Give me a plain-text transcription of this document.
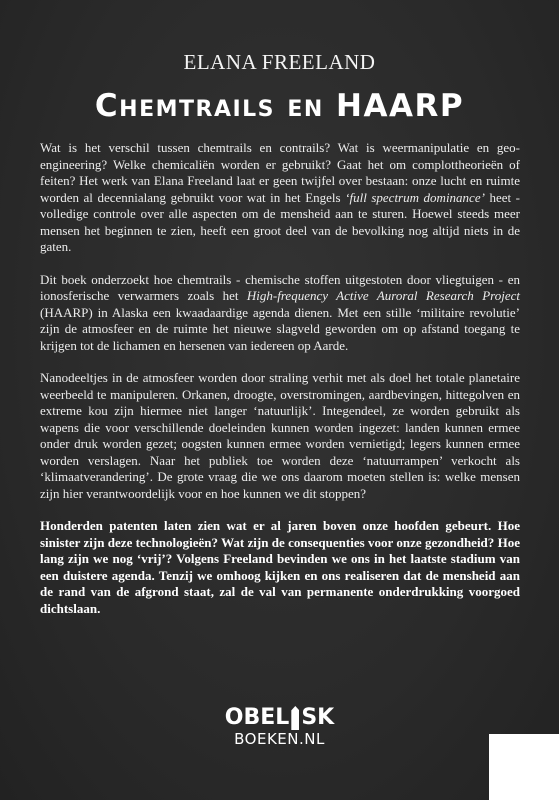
ELANA FREELAND
Chemtrails en HAARP

Wat is het verschil tussen chemtrails en contrails? Wat is weermanipulatie en geo-engineering? Welke chemicaliën worden er gebruikt? Gaat het om complottheorieën of feiten? Het werk van Elana Freeland laat er geen twijfel over bestaan: onze lucht en ruimte worden al decennialang gebruikt voor wat in het Engels ‘full spectrum dominance’ heet - volledige controle over alle aspecten om de mensheid aan te sturen. Hoewel steeds meer mensen het beginnen te zien, heeft een groot deel van de bevolking nog altijd niets in de gaten.

Dit boek onderzoekt hoe chemtrails - chemische stoffen uitgestoten door vliegtuigen - en ionosferische verwarmers zoals het High-frequency Active Auroral Research Project (HAARP) in Alaska een kwaadaardige agenda dienen. Met een stille ‘militaire revolutie’ zijn de atmosfeer en de ruimte het nieuwe slagveld geworden om op afstand toegang te krijgen tot de lichamen en hersenen van iedereen op Aarde.

Nanodeeltjes in de atmosfeer worden door straling verhit met als doel het totale planetaire weerbeeld te manipuleren. Orkanen, droogte, overstromingen, aardbevingen, hittegolven en extreme kou zijn hiermee niet langer ‘natuurlijk’. Integendeel, ze worden gebruikt als wapens die voor verschillende doeleinden kunnen worden ingezet: landen kunnen ermee onder druk worden gezet; oogsten kunnen ermee worden vernietigd; legers kunnen ermee worden verslagen. Naar het publiek toe worden deze ‘natuurrampen’ verkocht als ‘klimaatverandering’. De grote vraag die we ons daarom moeten stellen is: welke mensen zijn hier verantwoordelijk voor en hoe kunnen we dit stoppen?

Honderden patenten laten zien wat er al jaren boven onze hoofden gebeurt. Hoe sinister zijn deze technologieën? Wat zijn de consequenties voor onze gezondheid? Hoe lang zijn we nog ‘vrij’? Volgens Freeland bevinden we ons in het laatste stadium van een duistere agenda. Tenzij we omhoog kijken en ons realiseren dat de mensheid aan de rand van de afgrond staat, zal de val van permanente onderdrukking voorgoed dichtslaan.

OBEL SK
BOEKEN.NL
